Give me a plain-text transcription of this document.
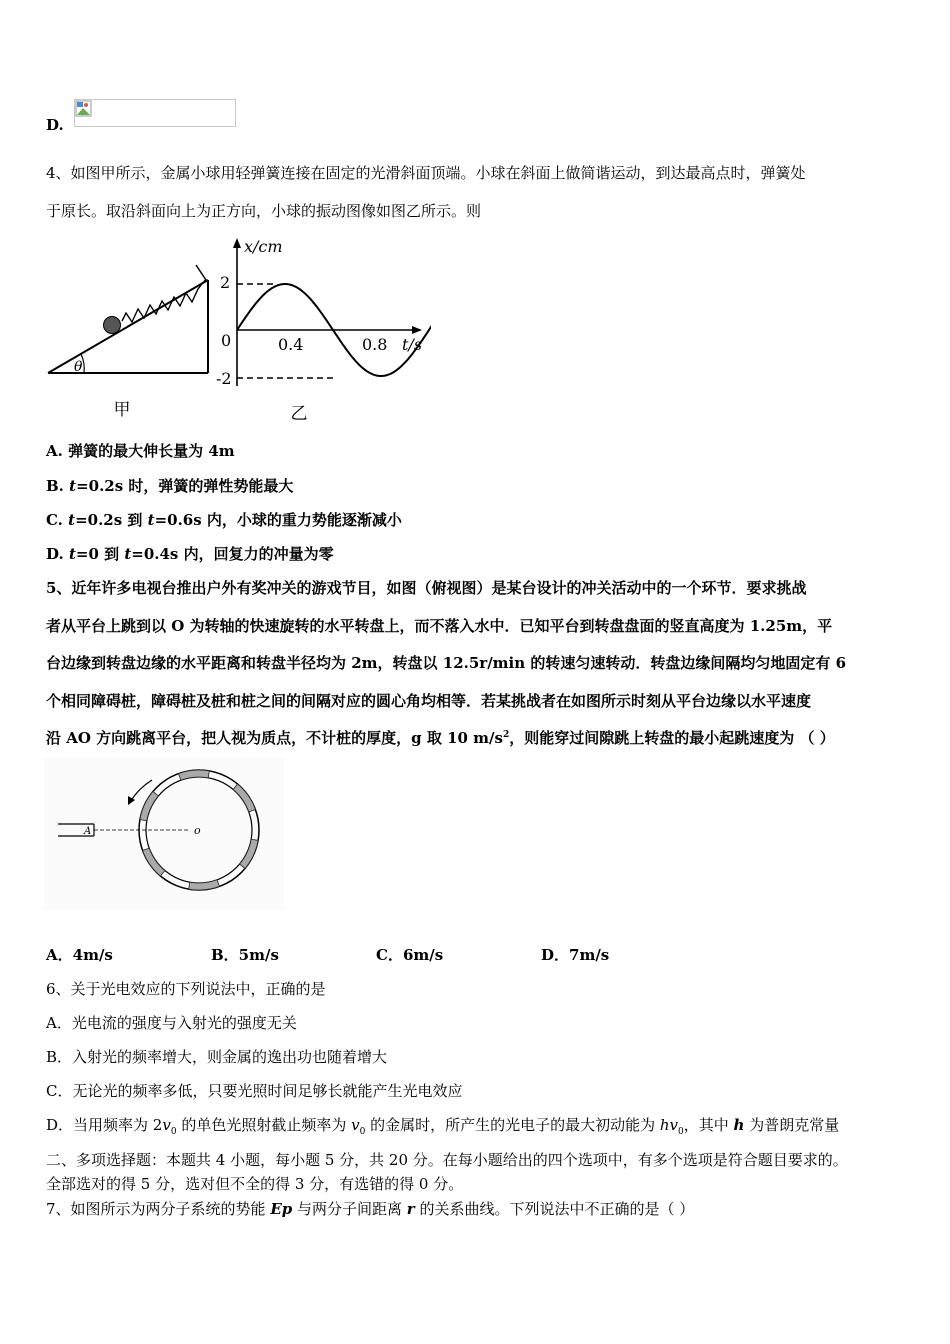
D.
4、如图甲所示，金属小球用轻弹簧连接在固定的光滑斜面顶端。小球在斜面上做简谐运动，到达最高点时，弹簧处
于原长。取沿斜面向上为正方向，小球的振动图像如图乙所示。则
θ
甲
x/cm
t/s
2
0
-2
0.4	0.8
乙
A. 弹簧的最大伸长量为 4m
B. t=0.2s 时，弹簧的弹性势能最大
C. t=0.2s 到 t=0.6s 内，小球的重力势能逐渐减小
D. t=0 到 t=0.4s 内，回复力的冲量为零
5、近年许多电视台推出户外有奖冲关的游戏节目，如图（俯视图）是某台设计的冲关活动中的一个环节．要求挑战
者从平台上跳到以 O 为转轴的快速旋转的水平转盘上，而不落入水中．已知平台到转盘盘面的竖直高度为 1.25m，平
台边缘到转盘边缘的水平距离和转盘半径均为 2m，转盘以 12.5r/min 的转速匀速转动．转盘边缘间隔均匀地固定有 6
个相同障碍桩，障碍桩及桩和桩之间的间隔对应的圆心角均相等．若某挑战者在如图所示时刻从平台边缘以水平速度
沿 AO 方向跳离平台，把人视为质点，不计桩的厚度，g 取 10 $m/s^2$，则能穿过间隙跳上转盘的最小起跳速度为 （ ）
A	o
A．4m/s	B．5m/s	C．6m/s	D．7m/s
6、关于光电效应的下列说法中，正确的是
A．光电流的强度与入射光的强度无关
B．入射光的频率增大，则金属的逸出功也随着增大
C．无论光的频率多低，只要光照时间足够长就能产生光电效应
D．当用频率为 $2v_0$ 的单色光照射截止频率为 $v_0$ 的金属时，所产生的光电子的最大初动能为 $hv_0$，其中 h 为普朗克常量
二、多项选择题：本题共 4 小题，每小题 5 分，共 20 分。在每小题给出的四个选项中，有多个选项是符合题目要求的。
全部选对的得 5 分，选对但不全的得 3 分，有选错的得 0 分。
7、如图所示为两分子系统的势能 Ep 与两分子间距离 r 的关系曲线。下列说法中不正确的是（ ）
